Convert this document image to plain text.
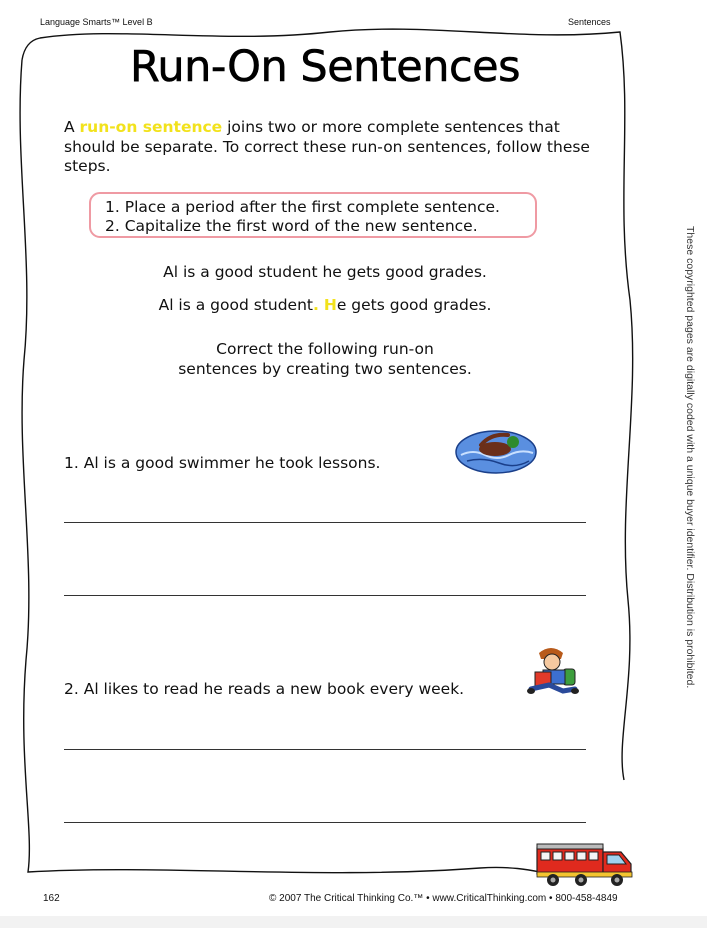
Language Smarts™ Level B	Sentences
Run-On Sentences
A run-on sentence joins two or more complete sentences that should be separate. To correct these run-on sentences, follow these steps.
1. Place a period after the first complete sentence.
2. Capitalize the first word of the new sentence.
Al is a good student he gets good grades.
Al is a good student. He gets good grades.
Correct the following run-on
sentences by creating two sentences.
1. Al is a good swimmer he took lessons.
2. Al likes to read he reads a new book every week.
162	© 2007 The Critical Thinking Co.™ • www.CriticalThinking.com • 800-458-4849
These copyrighted pages are digitally coded with a unique buyer identifier. Distribution is prohibited.
